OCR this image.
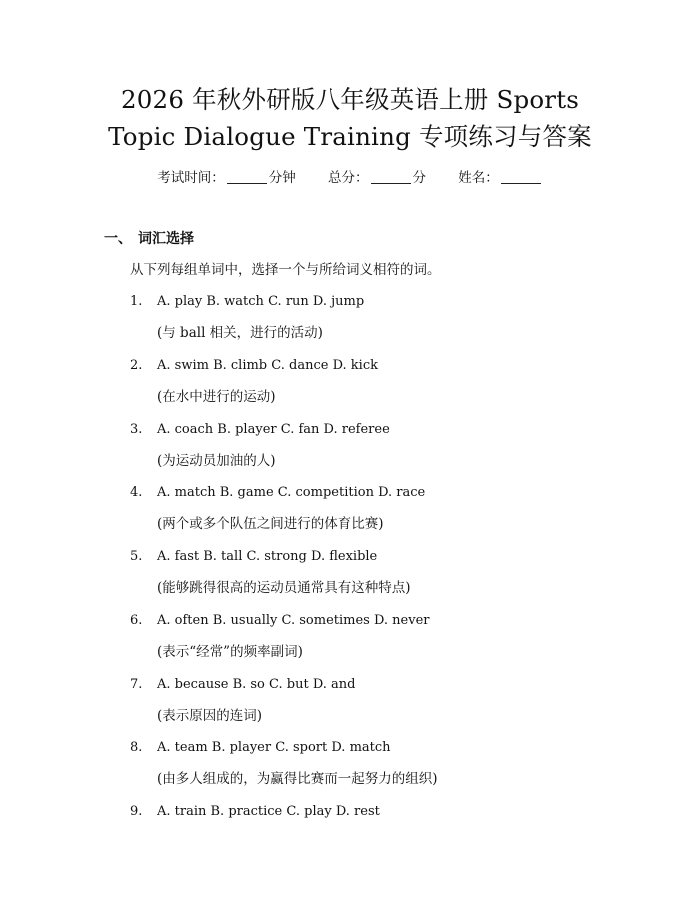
2026 年秋外研版八年级英语上册 Sports
Topic Dialogue Training 专项练习与答案
考试时间：	分钟 总分：	分 姓名：
一、 词汇选择
从下列每组单词中，选择一个与所给词义相符的词。
1. A. play B. watch C. run D. jump
(与 ball 相关，进行的活动)
2. A. swim B. climb C. dance D. kick
(在水中进行的运动)
3. A. coach B. player C. fan D. referee
(为运动员加油的人)
4. A. match B. game C. competition D. race
(两个或多个队伍之间进行的体育比赛)
5. A. fast B. tall C. strong D. flexible
(能够跳得很高的运动员通常具有这种特点)
6. A. often B. usually C. sometimes D. never
(表示“经常”的频率副词)
7. A. because B. so C. but D. and
(表示原因的连词)
8. A. team B. player C. sport D. match
(由多人组成的，为赢得比赛而一起努力的组织)
9. A. train B. practice C. play D. rest
